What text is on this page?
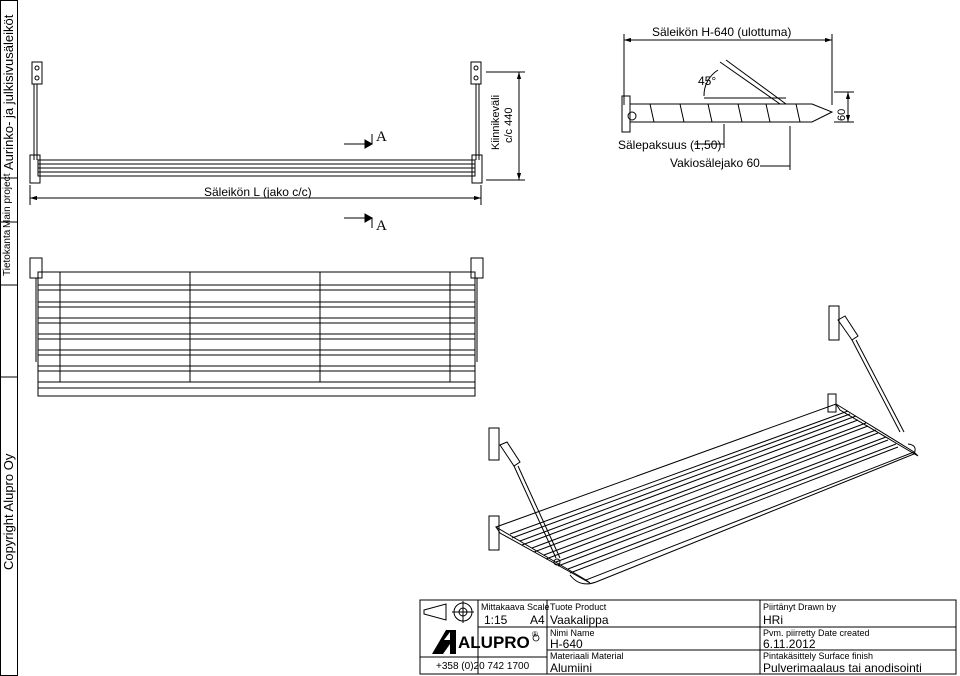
Tietokanta
Main project
Aurinko- ja julkisivusäleiköt
Copyright Alupro Oy
A
A
Säleikön L (jako c/c)
Kiinnikeväli c/c 440
Säleikön H-640 (ulottuma)
45°
Sälepaksuus (1,50)
Vakiosälejako 60
60
Mittakaava Scale
1:15 A4
Tuote Product
Vaakalippa
Nimi Name
H-640
Materiaali Material
Alumiini
Piirtänyt Drawn by
HRi
Pvm. piirretty Date created
6.11.2012
Pintakäsittely Surface finish
Pulverimaalaus tai anodisointi
ALUPRO ®
+358 (0)20 742 1700
